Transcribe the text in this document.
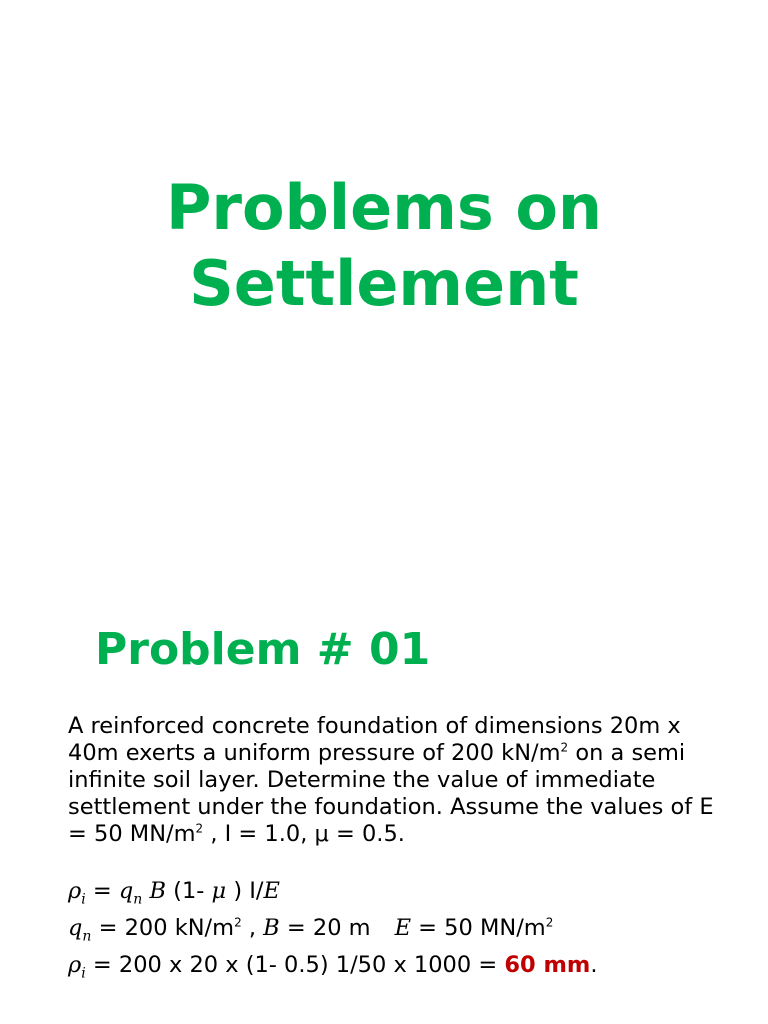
Problems on
Settlement
Problem # 01
A reinforced concrete foundation of dimensions 20m x 40m exerts a uniform pressure of 200 $kN/m^2$ on a semi infinite soil layer. Determine the value of immediate settlement under the foundation. Assume the values of E = 50 $MN/m^2$ , I = 1.0, μ = 0.5.
$\rho_i = q_n$ B (1- μ ) I/E
$q_n = 200$ $kN/m^2$ , B = 20 m E = 50 $MN/m^2$
$\rho_i = 200$ x 20 x (1- 0.5) 1/50 x 1000 = 60 mm.
